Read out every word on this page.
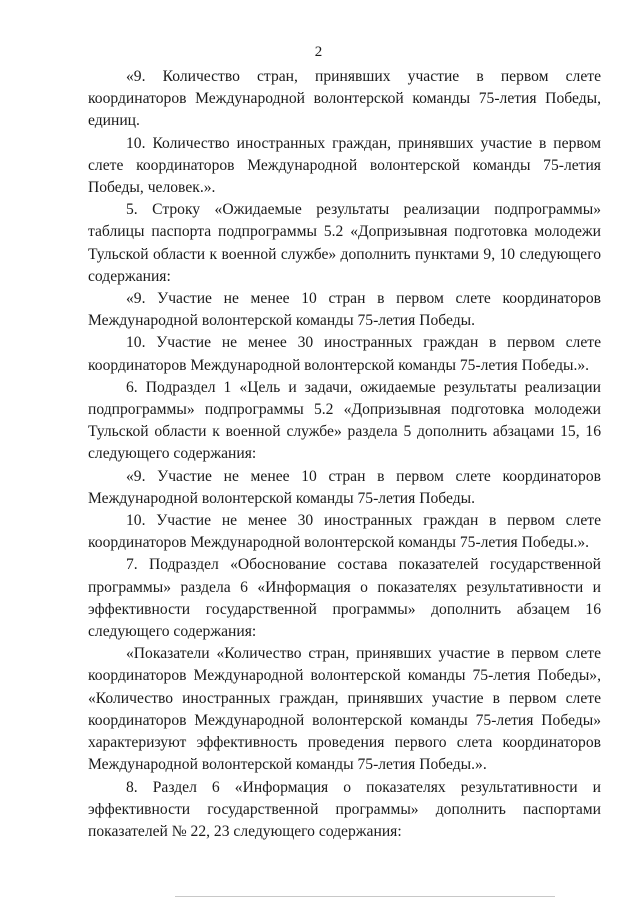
2

«9. Количество стран, принявших участие в первом слете координаторов Международной волонтерской команды 75-летия Победы, единиц.

10. Количество иностранных граждан, принявших участие в первом слете координаторов Международной волонтерской команды 75-летия Победы, человек.».

5. Строку «Ожидаемые результаты реализации подпрограммы» таблицы паспорта подпрограммы 5.2 «Допризывная подготовка молодежи Тульской области к военной службе» дополнить пунктами 9, 10 следующего содержания:

«9. Участие не менее 10 стран в первом слете координаторов Международной волонтерской команды 75-летия Победы.

10. Участие не менее 30 иностранных граждан в первом слете координаторов Международной волонтерской команды 75-летия Победы.».

6. Подраздел 1 «Цель и задачи, ожидаемые результаты реализации подпрограммы» подпрограммы 5.2 «Допризывная подготовка молодежи Тульской области к военной службе» раздела 5 дополнить абзацами 15, 16 следующего содержания:

«9. Участие не менее 10 стран в первом слете координаторов Международной волонтерской команды 75-летия Победы.

10. Участие не менее 30 иностранных граждан в первом слете координаторов Международной волонтерской команды 75-летия Победы.».

7. Подраздел «Обоснование состава показателей государственной программы» раздела 6 «Информация о показателях результативности и эффективности государственной программы» дополнить абзацем 16 следующего содержания:

«Показатели «Количество стран, принявших участие в первом слете координаторов Международной волонтерской команды 75-летия Победы», «Количество иностранных граждан, принявших участие в первом слете координаторов Международной волонтерской команды 75-летия Победы» характеризуют эффективность проведения первого слета координаторов Международной волонтерской команды 75-летия Победы.».

8. Раздел 6 «Информация о показателях результативности и эффективности государственной программы» дополнить паспортами показателей № 22, 23 следующего содержания:
